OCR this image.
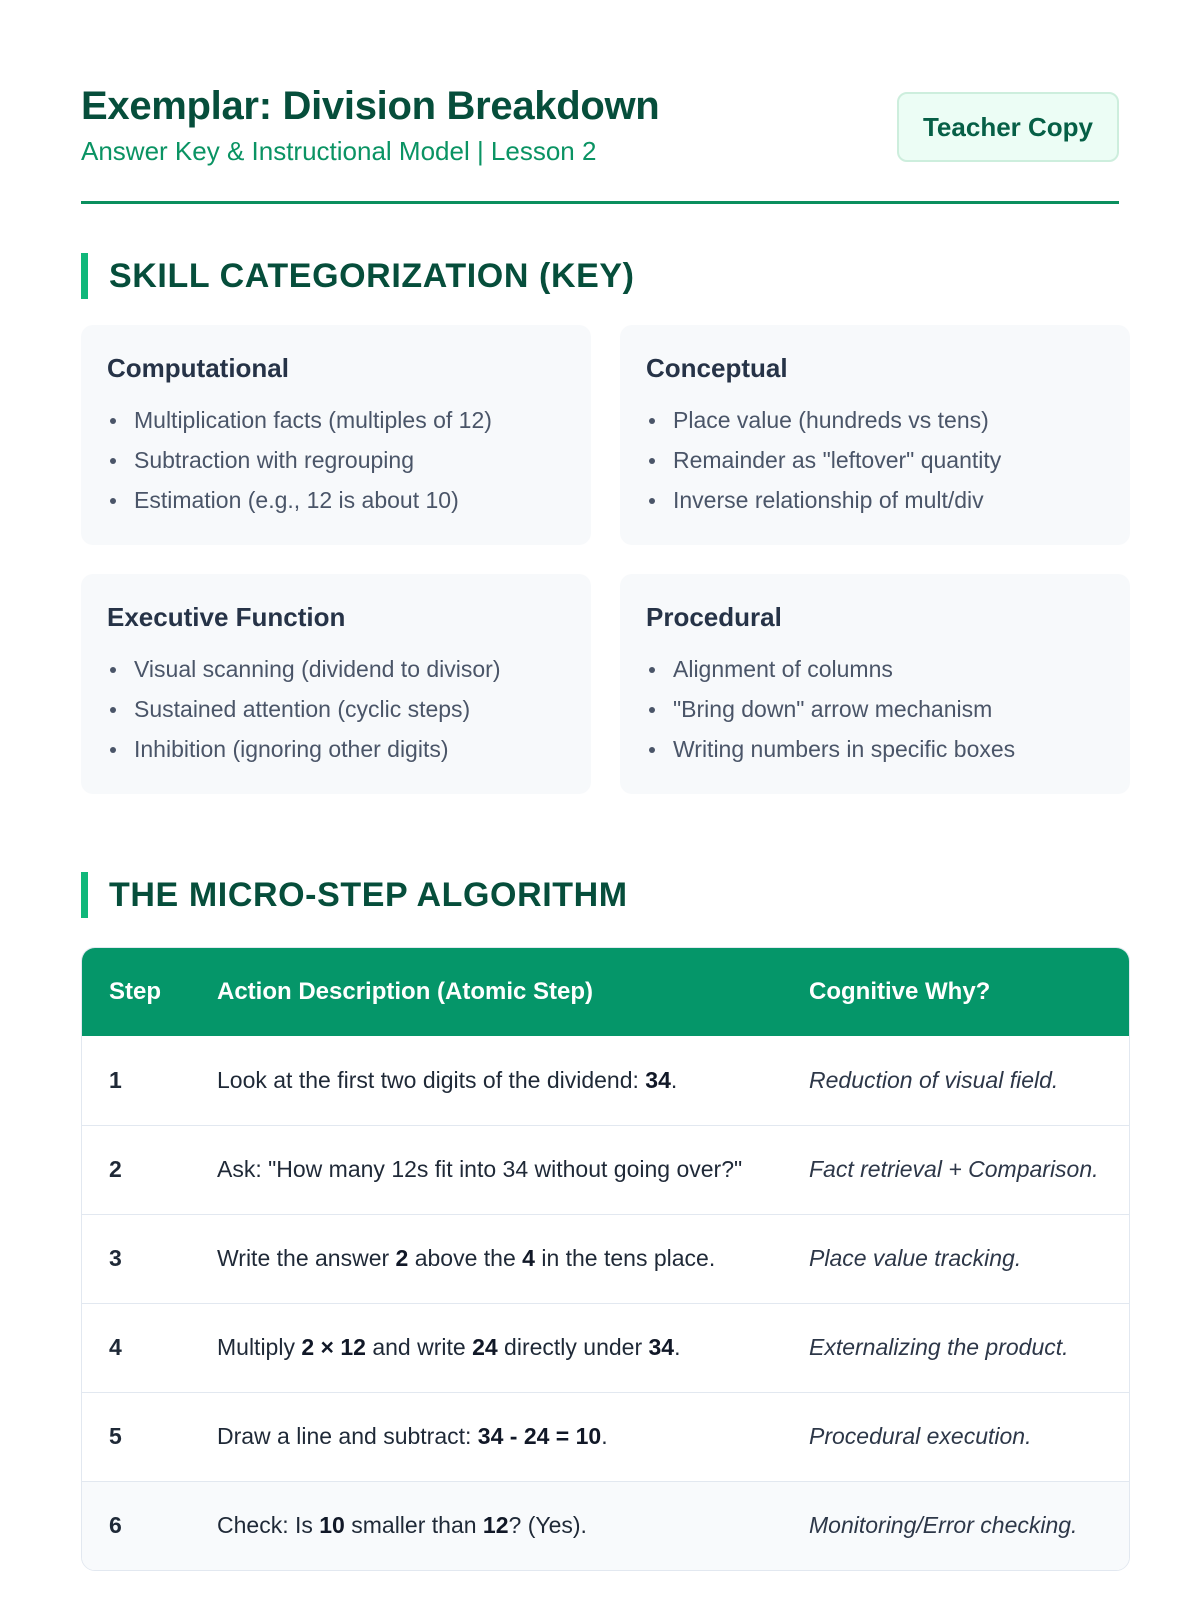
Exemplar: Division Breakdown
Answer Key & Instructional Model | Lesson 2
Teacher Copy
SKILL CATEGORIZATION (KEY)
Computational
Multiplication facts (multiples of 12)
Subtraction with regrouping
Estimation (e.g., 12 is about 10)
Conceptual
Place value (hundreds vs tens)
Remainder as "leftover" quantity
Inverse relationship of mult/div
Executive Function
Visual scanning (dividend to divisor)
Sustained attention (cyclic steps)
Inhibition (ignoring other digits)
Procedural
Alignment of columns
"Bring down" arrow mechanism
Writing numbers in specific boxes
THE MICRO-STEP ALGORITHM
Step	Action Description (Atomic Step)	Cognitive Why?
1	Look at the first two digits of the dividend: 34.	Reduction of visual field.
2	Ask: "How many 12s fit into 34 without going over?"	Fact retrieval + Comparison.
3	Write the answer 2 above the 4 in the tens place.	Place value tracking.
4	Multiply 2 × 12 and write 24 directly under 34.	Externalizing the product.
5	Draw a line and subtract: 34 - 24 = 10.	Procedural execution.
6	Check: Is 10 smaller than 12? (Yes).	Monitoring/Error checking.
